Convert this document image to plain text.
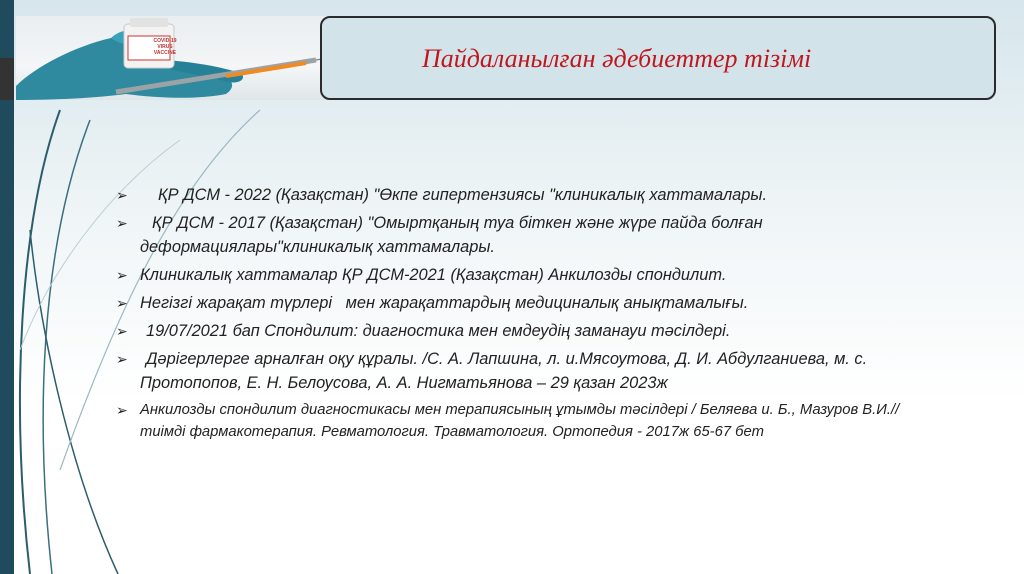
COVID-19
VIRUS
VACCINE	Пайдаланылған әдебиеттер тізімі
➢ ҚР ДСМ - 2022 (Қазақстан) "Өкпе гипертензиясы "клиникалық хаттамалары.
➢ ҚР ДСМ - 2017 (Қазақстан) "Омыртқаның туа біткен және жүре пайда болған деформациялары"клиникалық хаттамалары.
➢ Клиникалық хаттамалар ҚР ДСМ-2021 (Қазақстан) Анкилозды спондилит.
➢ Негізгі жарақат түрлері   мен жарақаттардың медициналық анықтамалығы.
➢ 19/07/2021 бап Спондилит: диагностика мен емдеудің заманауи тәсілдері.
➢ Дәрігерлерге арналған оқу құралы. /С. А. Лапшина, л. и.Мясоутова, Д. И. Абдулганиева, м. с. Протопопов, Е. Н. Белоусова, А. А. Нигматьянова – 29 қазан 2023ж
➢ Анкилозды спондилит диагностикасы мен терапиясының ұтымды тәсілдері / Беляева и. Б., Мазуров В.И.// тиімді фармакотерапия. Ревматология. Травматология. Ортопедия - 2017ж 65-67 бет
